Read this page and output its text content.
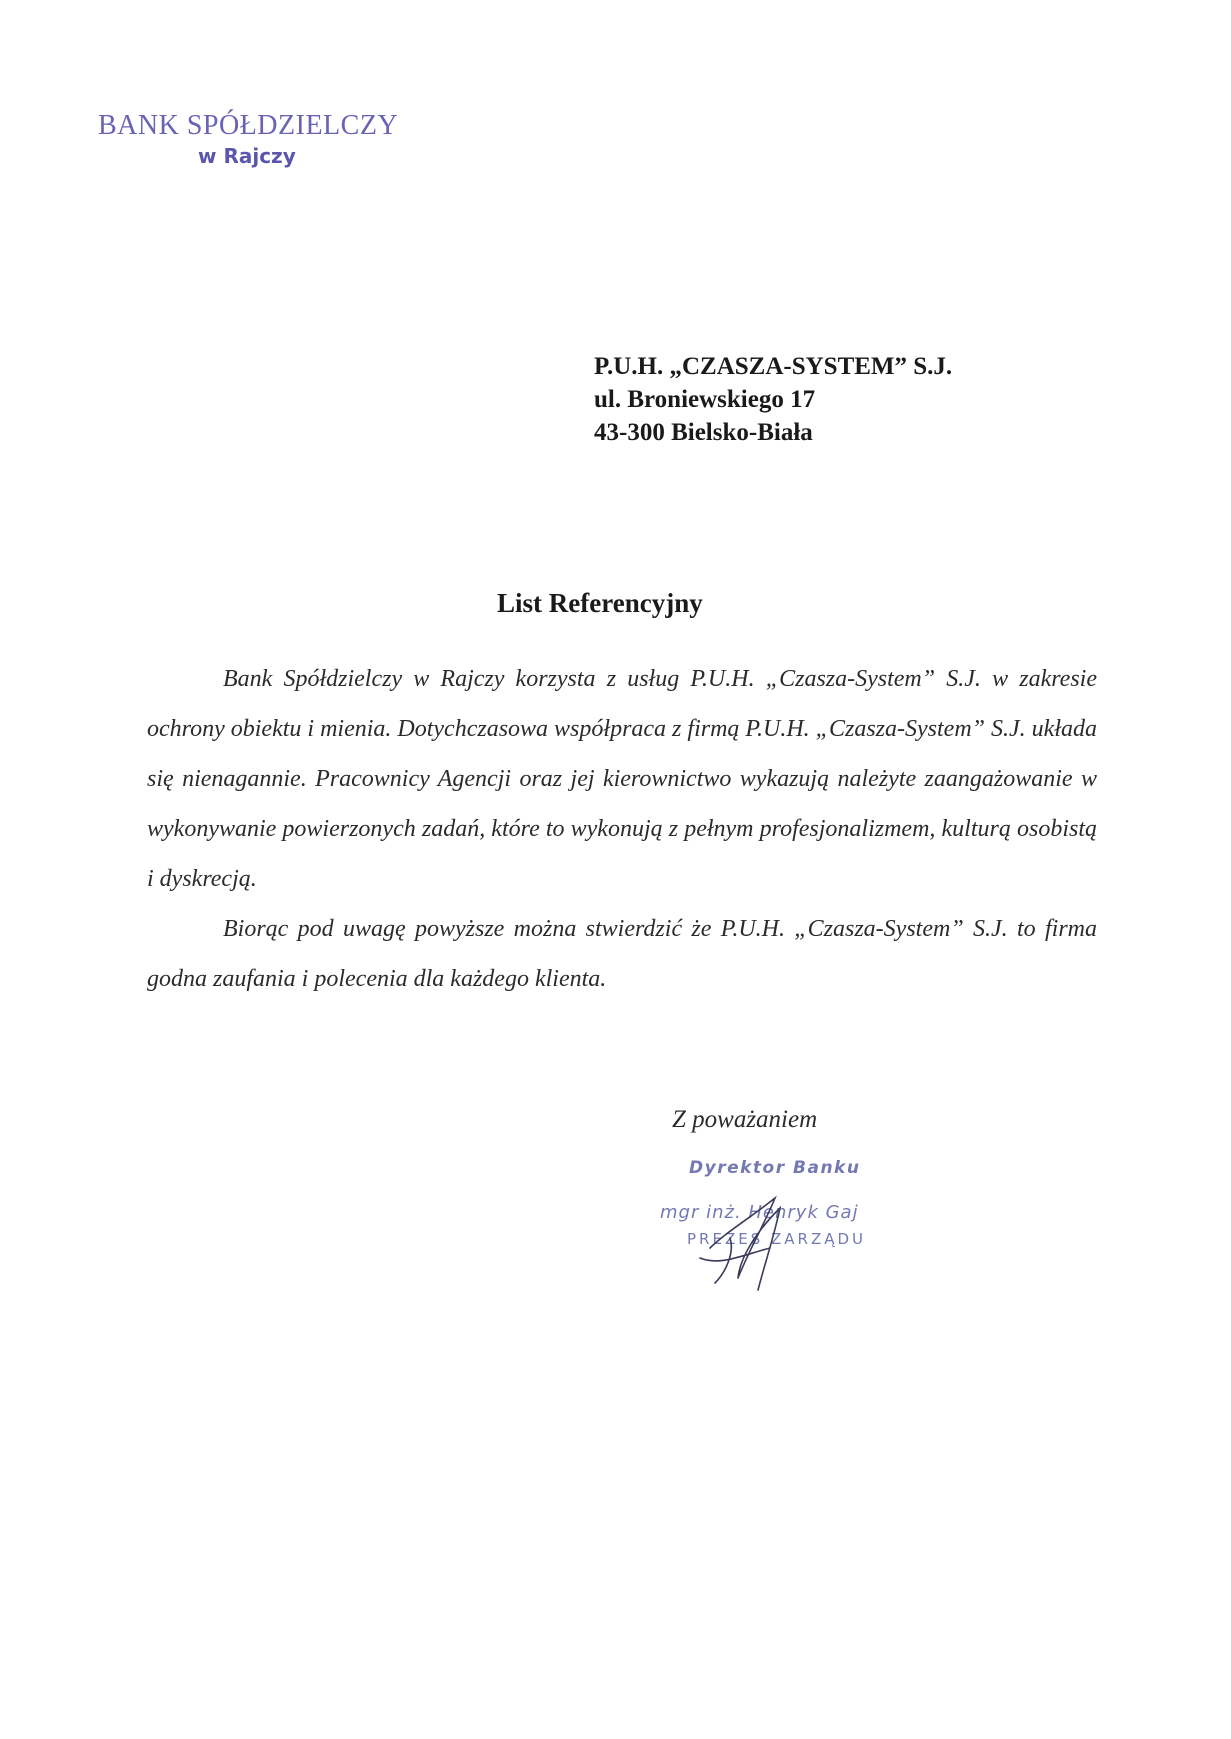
BANK SPÓŁDZIELCZY
w Rajczy
P.U.H. „CZASZA-SYSTEM” S.J.
ul. Broniewskiego 17
43-300 Bielsko-Biała
List Referencyjny

Bank Spółdzielczy w Rajczy korzysta z usług P.U.H. „Czasza-System” S.J. w zakresie ochrony obiektu i mienia. Dotychczasowa współpraca z firmą P.U.H. „Czasza-System” S.J. układa się nienagannie. Pracownicy Agencji oraz jej kierownictwo wykazują należyte zaangażowanie w wykonywanie powierzonych zadań, które to wykonują z pełnym profesjonalizmem, kulturą osobistą i dyskrecją.

Biorąc pod uwagę powyższe można stwierdzić że P.U.H. „Czasza-System” S.J. to firma godna zaufania i polecenia dla każdego klienta.

Z poważaniem
Dyrektor Banku
mgr inż. Henryk Gaj
PREZES ZARZĄDU
